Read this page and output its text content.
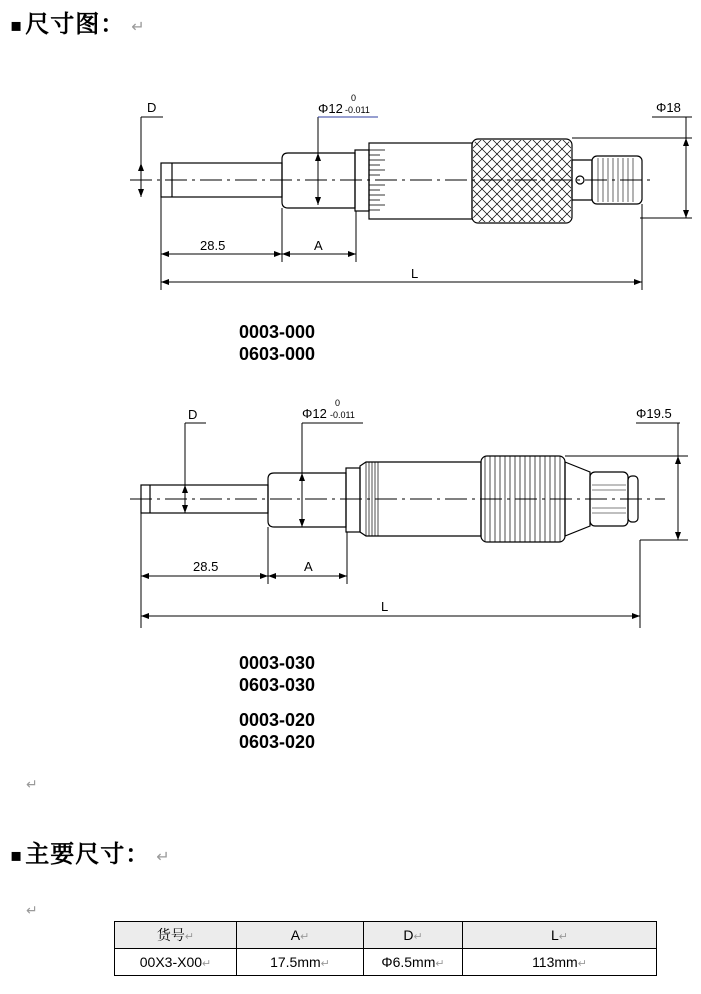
▪尺寸图： ↵
D	Φ12
0
-0.011	Φ18
28.5	A
L
D	Φ12
0
-0.011	Φ19.5
28.5	A
L
0003-000
0603-000
0003-030
0603-030
0003-020
0603-020
↵
▪主要尺寸： ↵
↵
货号↵	A↵	D↵	L↵
00X3-X00↵	17.5mm↵	Φ6.5mm↵	113mm↵
